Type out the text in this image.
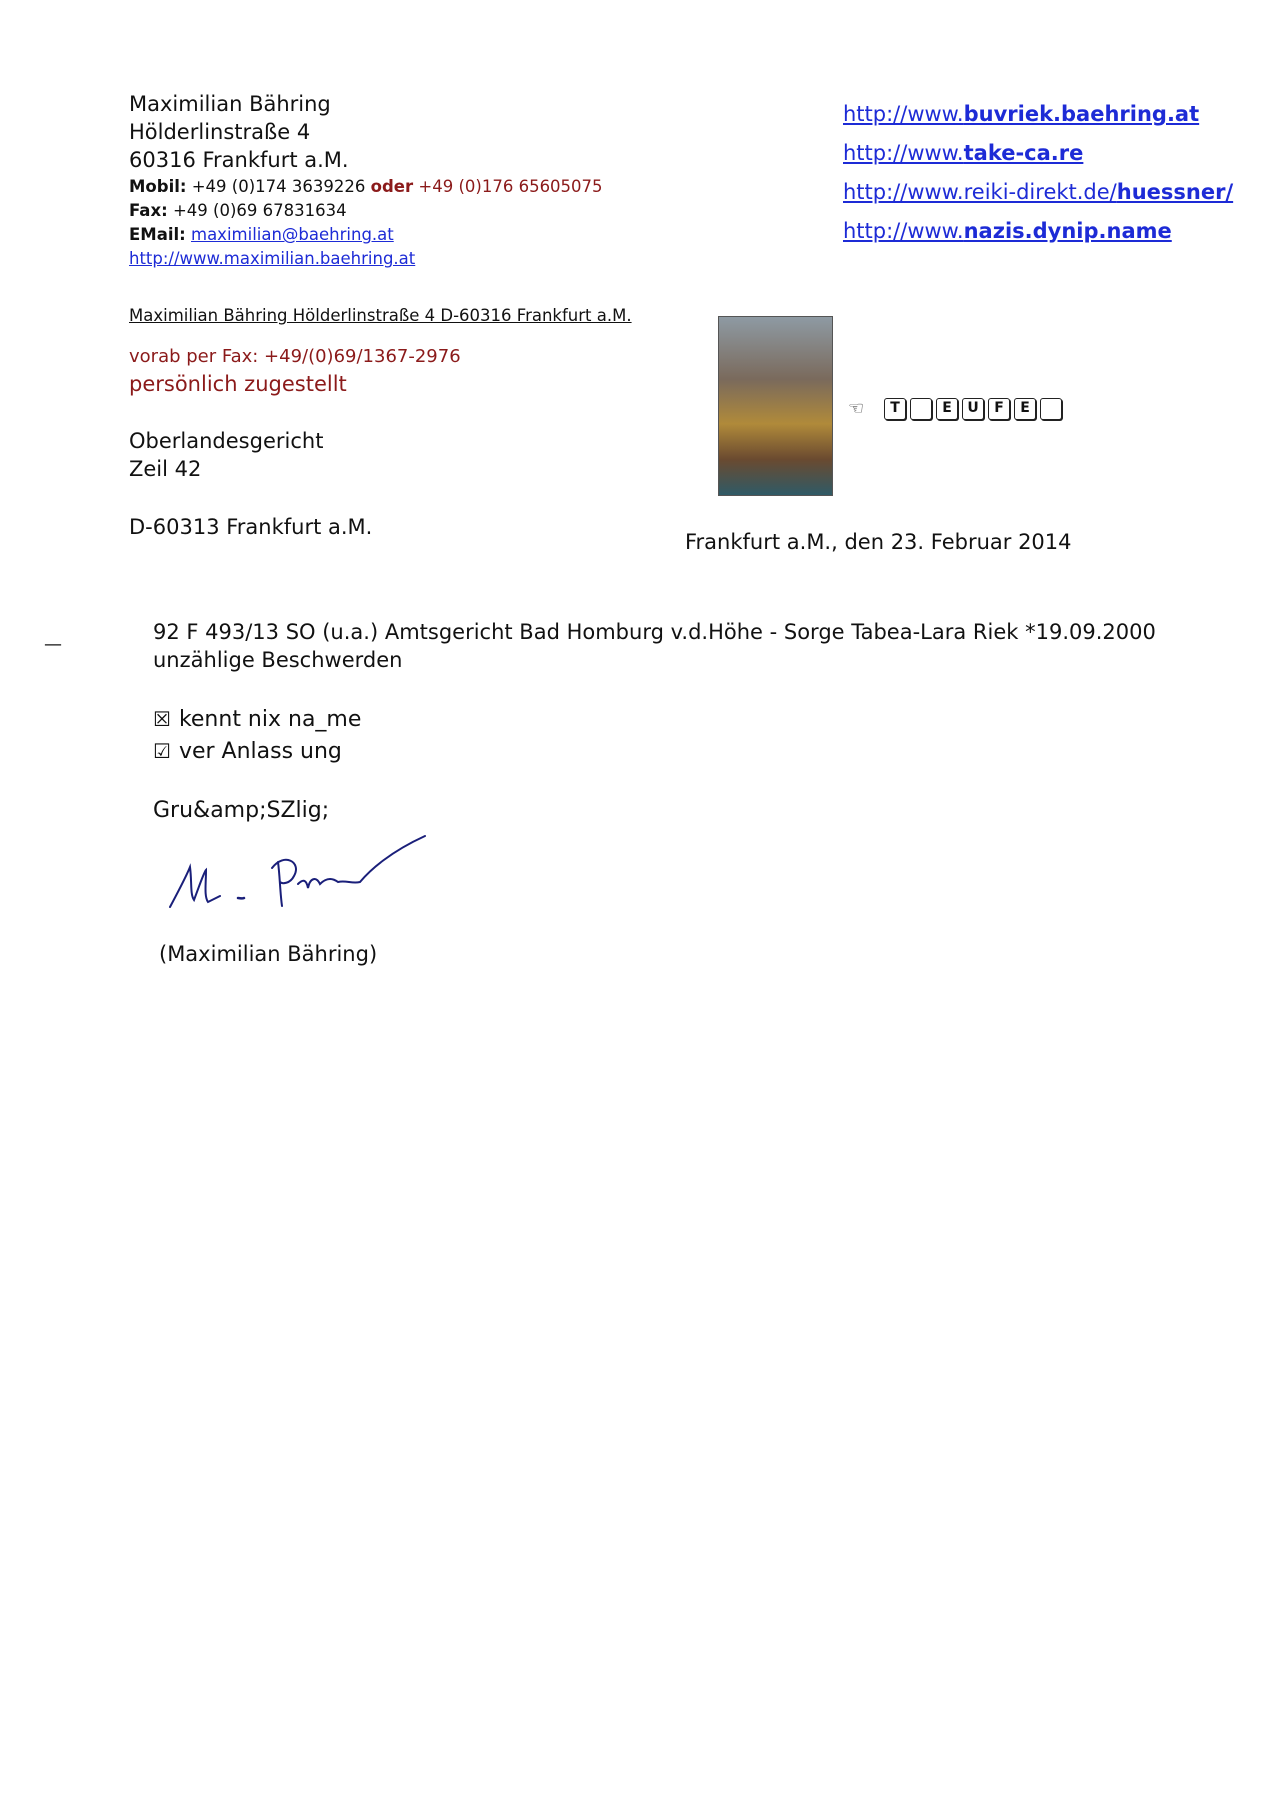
Maximilian Bähring
Hölderlinstraße 4
60316 Frankfurt a.M.
Mobil: +49 (0)174 3639226 oder +49 (0)176 65605075
Fax: +49 (0)69 67831634
EMail: maximilian@baehring.at
http://www.maximilian.baehring.at
http://www.buvriek.baehring.at
http://www.take-ca.re
http://www.reiki-direkt.de/huessner/
http://www.nazis.dynip.name
Maximilian Bähring Hölderlinstraße 4 D-60316 Frankfurt a.M.
vorab per Fax: +49/(0)69/1367-2976
persönlich zugestellt
Oberlandesgericht
Zeil 42
D-60313 Frankfurt a.M.
☜	T	E	U	F	E
Frankfurt a.M., den 23. Februar 2014
—
92 F 493/13 SO (u.a.) Amtsgericht Bad Homburg v.d.Höhe - Sorge Tabea-Lara Riek *19.09.2000
unzählige Beschwerden
☒ kennt nix na_me
☑ ver Anlass ung
Gru&amp;SZlig;
(Maximilian Bähring)
